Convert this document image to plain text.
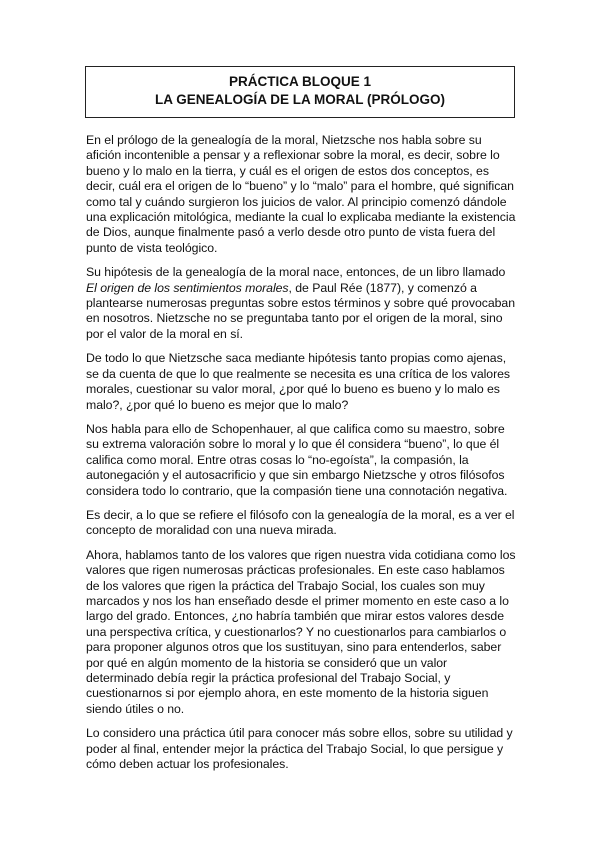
PRÁCTICA BLOQUE 1

LA GENEALOGÍA DE LA MORAL (PRÓLOGO)

En el prólogo de la genealogía de la moral, Nietzsche nos habla sobre su
afición incontenible a pensar y a reflexionar sobre la moral, es decir, sobre lo
bueno y lo malo en la tierra, y cuál es el origen de estos dos conceptos, es
decir, cuál era el origen de lo “bueno” y lo “malo” para el hombre, qué significan
como tal y cuándo surgieron los juicios de valor. Al principio comenzó dándole
una explicación mitológica, mediante la cual lo explicaba mediante la existencia
de Dios, aunque finalmente pasó a verlo desde otro punto de vista fuera del
punto de vista teológico.

Su hipótesis de la genealogía de la moral nace, entonces, de un libro llamado
El origen de los sentimientos morales, de Paul Rée (1877), y comenzó a
plantearse numerosas preguntas sobre estos términos y sobre qué provocaban
en nosotros. Nietzsche no se preguntaba tanto por el origen de la moral, sino
por el valor de la moral en sí.

De todo lo que Nietzsche saca mediante hipótesis tanto propias como ajenas,
se da cuenta de que lo que realmente se necesita es una crítica de los valores
morales, cuestionar su valor moral, ¿por qué lo bueno es bueno y lo malo es
malo?, ¿por qué lo bueno es mejor que lo malo?

Nos habla para ello de Schopenhauer, al que califica como su maestro, sobre
su extrema valoración sobre lo moral y lo que él considera “bueno”, lo que él
califica como moral. Entre otras cosas lo “no-egoísta”, la compasión, la
autonegación y el autosacrificio y que sin embargo Nietzsche y otros filósofos
considera todo lo contrario, que la compasión tiene una connotación negativa.

Es decir, a lo que se refiere el filósofo con la genealogía de la moral, es a ver el
concepto de moralidad con una nueva mirada.

Ahora, hablamos tanto de los valores que rigen nuestra vida cotidiana como los
valores que rigen numerosas prácticas profesionales. En este caso hablamos
de los valores que rigen la práctica del Trabajo Social, los cuales son muy
marcados y nos los han enseñado desde el primer momento en este caso a lo
largo del grado. Entonces, ¿no habría también que mirar estos valores desde
una perspectiva crítica, y cuestionarlos? Y no cuestionarlos para cambiarlos o
para proponer algunos otros que los sustituyan, sino para entenderlos, saber
por qué en algún momento de la historia se consideró que un valor
determinado debía regir la práctica profesional del Trabajo Social, y
cuestionarnos si por ejemplo ahora, en este momento de la historia siguen
siendo útiles o no.

Lo considero una práctica útil para conocer más sobre ellos, sobre su utilidad y
poder al final, entender mejor la práctica del Trabajo Social, lo que persigue y
cómo deben actuar los profesionales.
